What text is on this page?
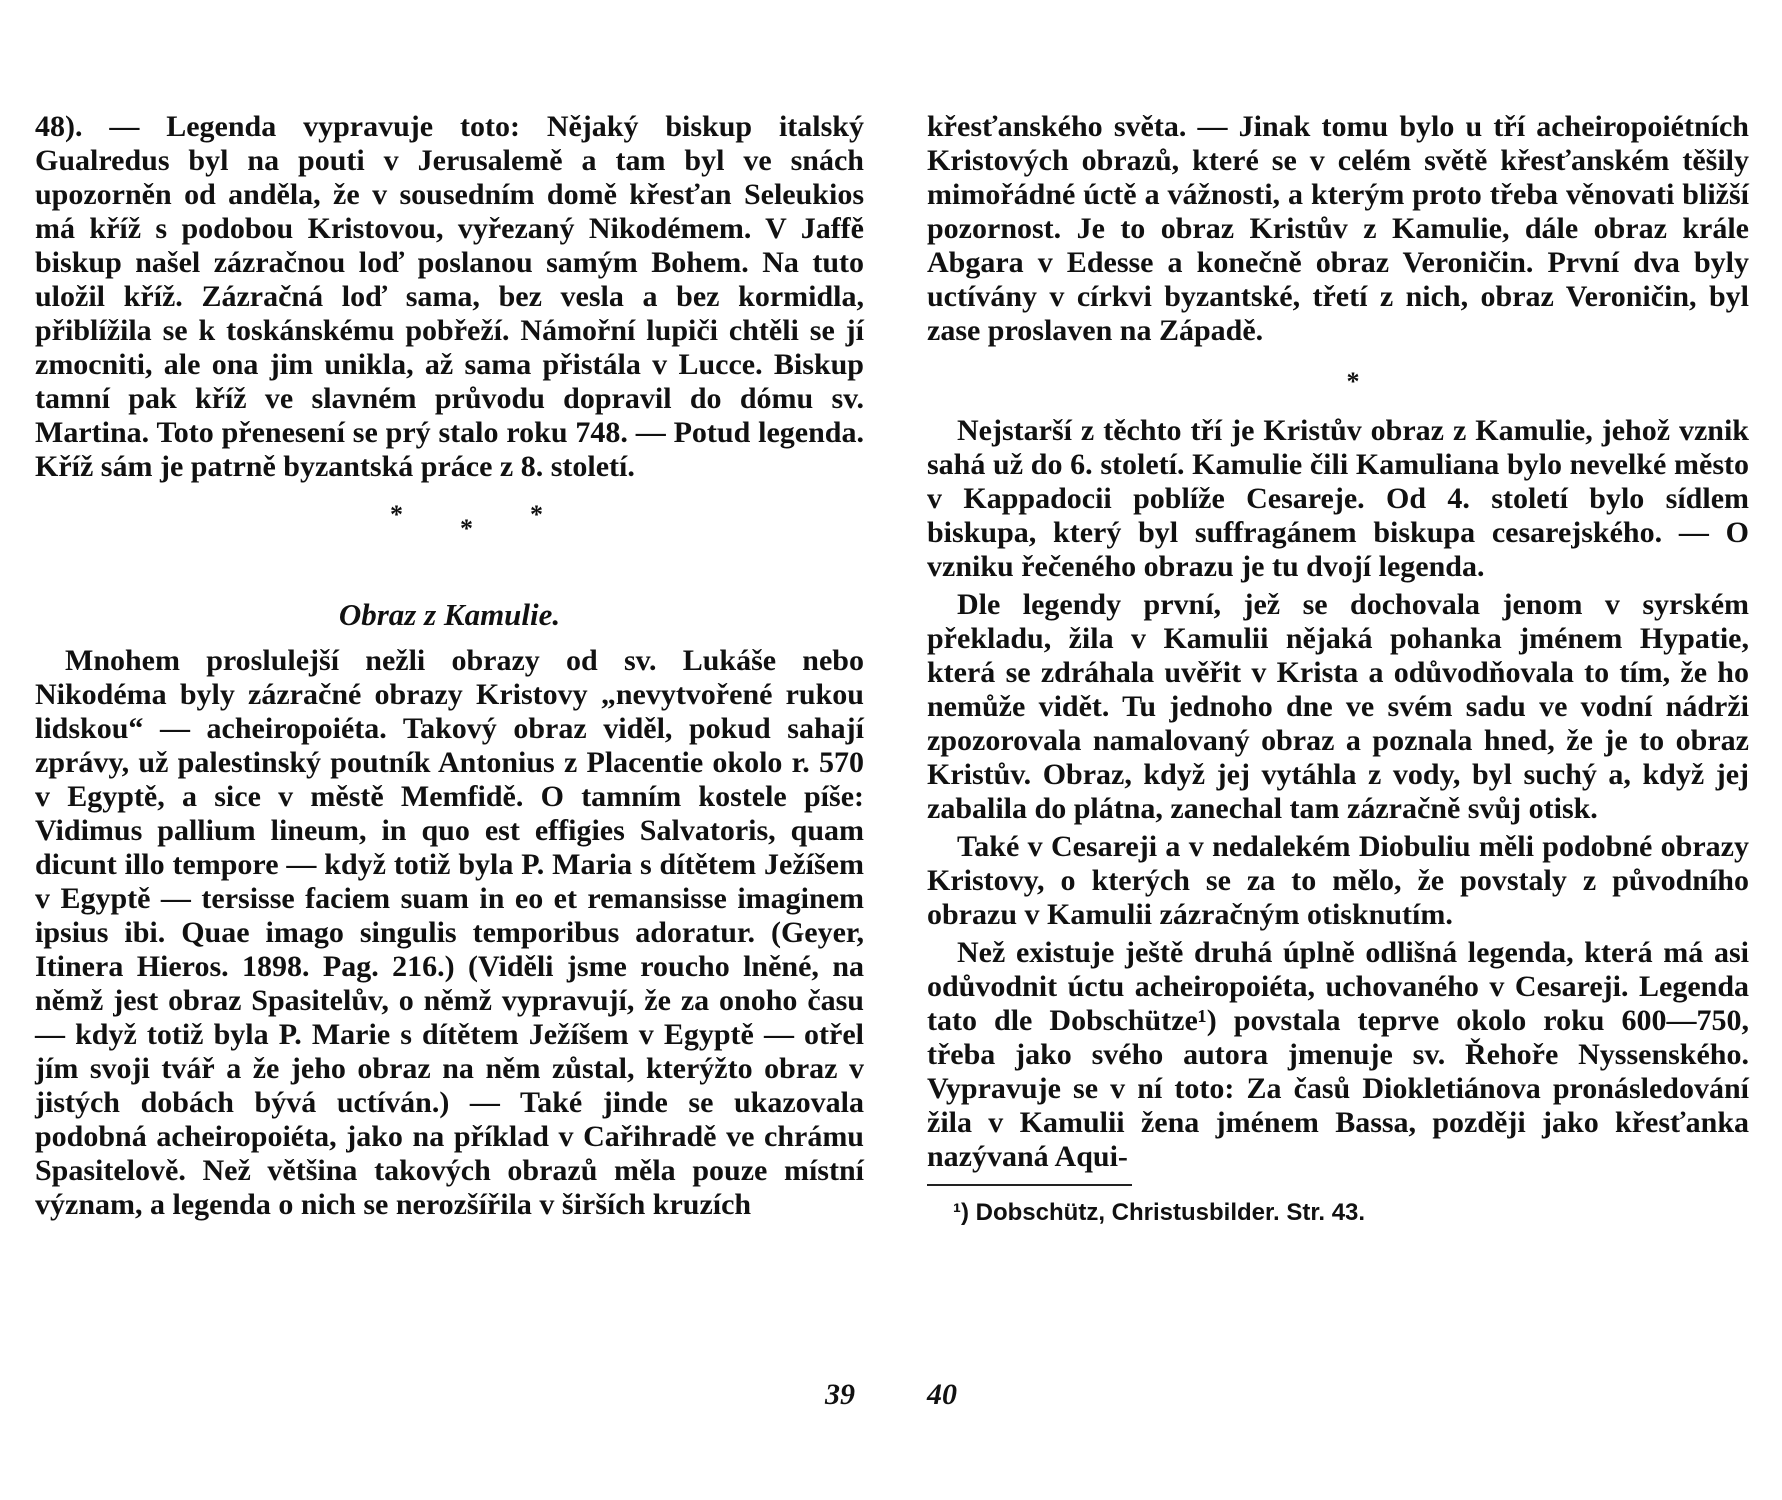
48). — Legenda vypravuje toto: Nějaký biskup italský Gualredus byl na pouti v Jerusalemě a tam byl ve snách upozorněn od anděla, že v sousedním domě křesťan Seleukios má kříž s podobou Kristovou, vyřezaný Nikodémem. V Jaffě biskup našel zázračnou loď poslanou samým Bohem. Na tuto uložil kříž. Zázračná loď sama, bez vesla a bez kormidla, přiblížila se k toskánskému pobřeží. Námořní lupiči chtěli se jí zmocniti, ale ona jim unikla, až sama přistála v Lucce. Biskup tamní pak kříž ve slavném průvodu dopravil do dómu sv. Martina. Toto přenesení se prý stalo roku 748. — Potud legenda. Kříž sám je patrně byzantská práce z 8. století.

* * *
Obraz z Kamulie.

Mnohem proslulejší nežli obrazy od sv. Lukáše nebo Nikodéma byly zázračné obrazy Kristovy „nevytvořené rukou lidskou“ — acheiropoiéta. Takový obraz viděl, pokud sahají zprávy, už palestinský poutník Antonius z Placentie okolo r. 570 v Egyptě, a sice v městě Memfidě. O tamním kostele píše: Vidimus pallium lineum, in quo est effigies Salvatoris, quam dicunt illo tempore — když totiž byla P. Maria s dítětem Ježíšem v Egyptě — tersisse faciem suam in eo et remansisse imaginem ipsius ibi. Quae imago singulis temporibus adoratur. (Geyer, Itinera Hieros. 1898. Pag. 216.) (Viděli jsme roucho lněné, na němž jest obraz Spasitelův, o němž vypravují, že za onoho času — když totiž byla P. Marie s dítětem Ježíšem v Egyptě — otřel jím svoji tvář a že jeho obraz na něm zůstal, kterýžto obraz v jistých dobách bývá uctíván.) — Také jinde se ukazovala podobná acheiropoiéta, jako na příklad v Cařihradě ve chrámu Spasitelově. Než většina takových obrazů měla pouze místní význam, a legenda o nich se nerozšířila v širších kruzích

39

křesťanského světa. — Jinak tomu bylo u tří acheiropoiétních Kristových obrazů, které se v celém světě křesťanském těšily mimořádné úctě a vážnosti, a kterým proto třeba věnovati bližší pozornost. Je to obraz Kristův z Kamulie, dále obraz krále Abgara v Edesse a konečně obraz Veroničin. První dva byly uctívány v církvi byzantské, třetí z nich, obraz Veroničin, byl zase proslaven na Západě.

*

Nejstarší z těchto tří je Kristův obraz z Kamulie, jehož vznik sahá už do 6. století. Kamulie čili Kamuliana bylo nevelké město v Kappadocii poblíže Cesareje. Od 4. století bylo sídlem biskupa, který byl suffragánem biskupa cesarejského. — O vzniku řečeného obrazu je tu dvojí legenda.

Dle legendy první, jež se dochovala jenom v syrském překladu, žila v Kamulii nějaká pohanka jménem Hypatie, která se zdráhala uvěřit v Krista a odůvodňovala to tím, že ho nemůže vidět. Tu jednoho dne ve svém sadu ve vodní nádrži zpozorovala namalovaný obraz a poznala hned, že je to obraz Kristův. Obraz, když jej vytáhla z vody, byl suchý a, když jej zabalila do plátna, zanechal tam zázračně svůj otisk.

Také v Cesareji a v nedalekém Diobuliu měli podobné obrazy Kristovy, o kterých se za to mělo, že povstaly z původního obrazu v Kamulii zázračným otisknutím.

Než existuje ještě druhá úplně odlišná legenda, která má asi odůvodnit úctu acheiropoiéta, uchovaného v Cesareji. Legenda tato dle Dobschütze¹) povstala teprve okolo roku 600—750, třeba jako svého autora jmenuje sv. Řehoře Nyssenského. Vypravuje se v ní toto: Za časů Diokletiánova pronásledování žila v Kamulii žena jménem Bassa, později jako křesťanka nazývaná Aqui-

¹) Dobschütz, Christusbilder. Str. 43.
40
